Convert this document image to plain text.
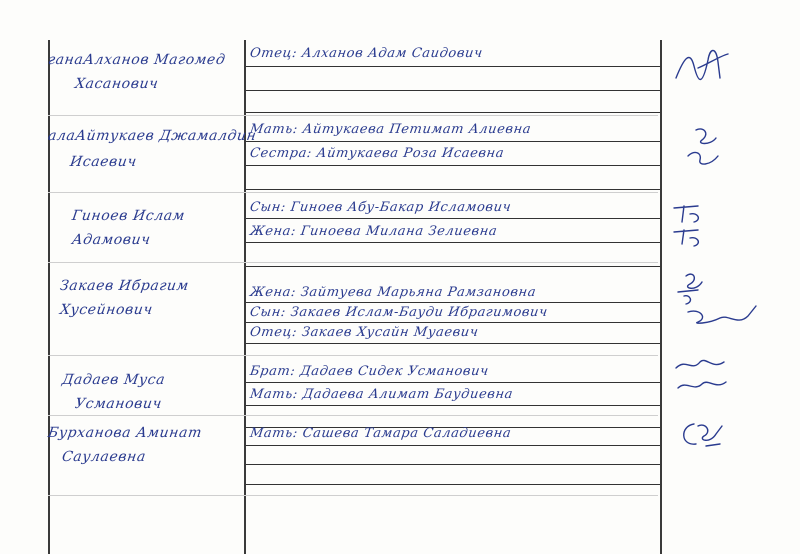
ганаАлханов Магомед
Хасанович
Отец: Алханов Адам Саидович
алаАйтукаев Джамалдин
Исаевич
Мать: Айтукаева Петимат Алиевна
Сестра: Айтукаева Роза Исаевна
Гиноев Ислам
Адамович
Сын: Гиноев Абу-Бакар Исламович
Жена: Гиноева Милана Зелиевна
Закаев Ибрагим
Хусейнович
Жена: Зайтуева Марьяна Рамзановна
Сын: Закаев Ислам-Бауди Ибрагимович
Отец: Закаев Хусайн Муаевич
Дадаев Муса
Усманович
Брат: Дадаев Сидек Усманович
Мать: Дадаева Алимат Баудиевна
Бурханова Аминат
Саулаевна
Мать: Сашева Тамара Саладиевна
